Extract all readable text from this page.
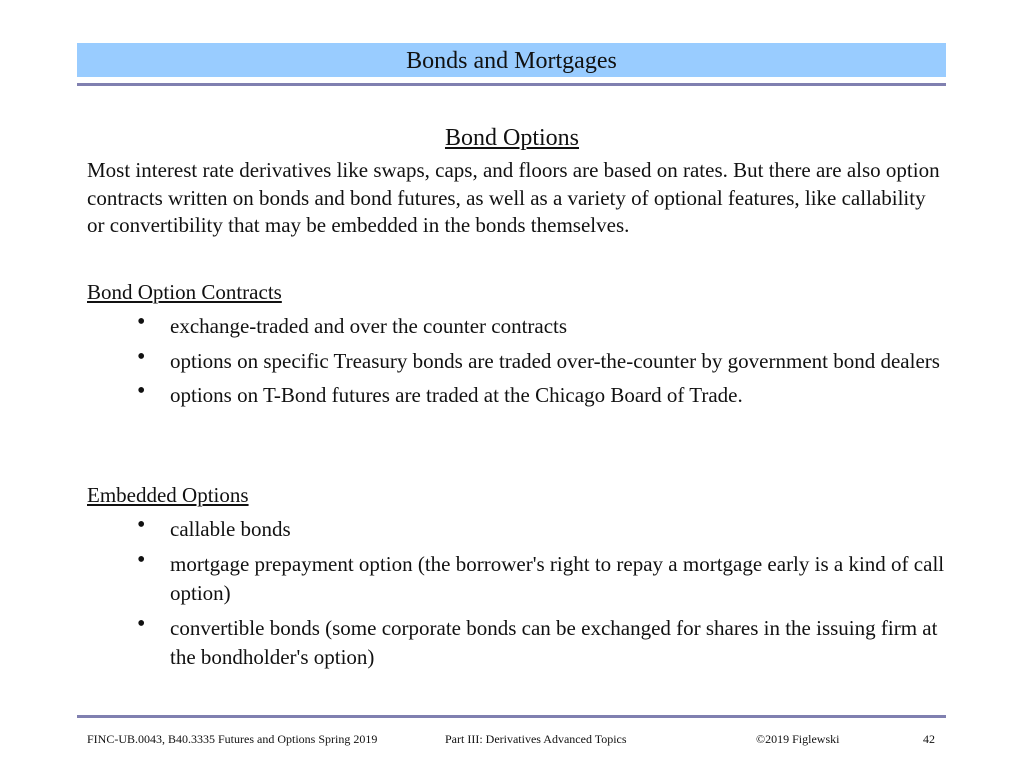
Bonds and Mortgages
Bond Options
Most interest rate derivatives like swaps, caps, and floors are based on rates. But there are also option contracts written on bonds and bond futures, as well as a variety of optional features, like callability or convertibility that may be embedded in the bonds themselves.
Bond Option Contracts
• exchange-traded and over the counter contracts
• options on specific Treasury bonds are traded over-the-counter by government bond dealers
• options on T-Bond futures are traded at the Chicago Board of Trade.
Embedded Options
• callable bonds
• mortgage prepayment option (the borrower's right to repay a mortgage early is a kind of call option)
• convertible bonds (some corporate bonds can be exchanged for shares in the issuing firm at the bondholder's option)
FINC-UB.0043, B40.3335 Futures and Options Spring 2019	Part III: Derivatives Advanced Topics	©2019 Figlewski	42
